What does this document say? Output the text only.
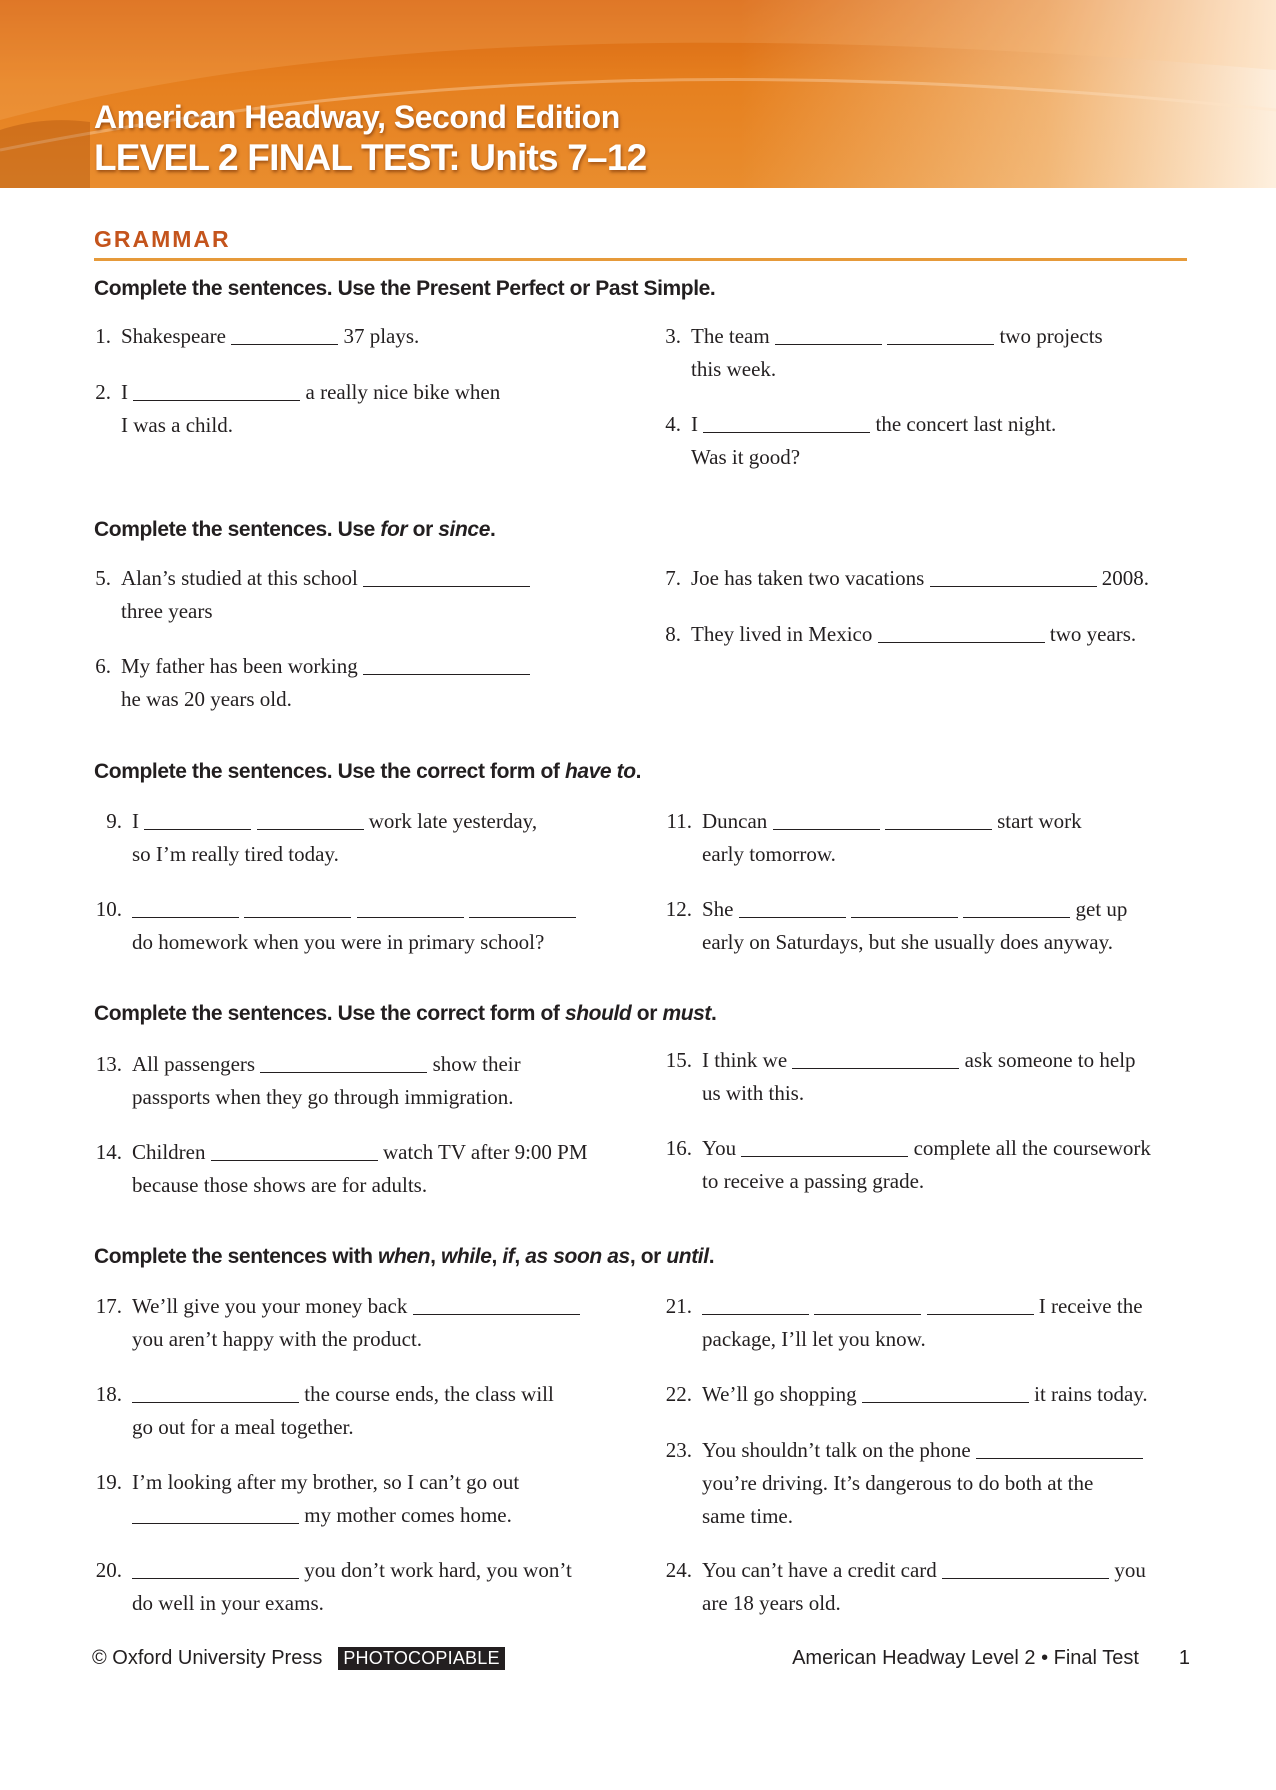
American Headway, Second Edition
LEVEL 2 FINAL TEST: Units 7–12
GRAMMAR
Complete the sentences. Use the Present Perfect or Past Simple.
1. Shakespeare	37 plays.
2. I	a really nice bike when
I was a child.
3. The team	two projects
this week.
4. I	the concert last night.
Was it good?
Complete the sentences. Use for or since.
5. Alan’s studied at this school
three years
6. My father has been working
he was 20 years old.
7. Joe has taken two vacations	2008.
8. They lived in Mexico	two years.
Complete the sentences. Use the correct form of have to.
9. I	work late yesterday,
so I’m really tired today.
10.

do homework when you were in primary school?
11. Duncan	start work
early tomorrow.
12. She	get up
early on Saturdays, but she usually does anyway.
Complete the sentences. Use the correct form of should or must.
13. All passengers	show their
passports when they go through immigration.
14. Children	watch TV after 9:00 PM
because those shows are for adults.
15. I think we	ask someone to help
us with this.
16. You	complete all the coursework
to receive a passing grade.
Complete the sentences with when, while, if, as soon as, or until.
17. We’ll give you your money back
you aren’t happy with the product.
18.	the course ends, the class will
go out for a meal together.
19. I’m looking after my brother, so I can’t go out
my mother comes home.
20.	you don’t work hard, you won’t
do well in your exams.
21.	I receive the
package, I’ll let you know.
22. We’ll go shopping	it rains today.
23. You shouldn’t talk on the phone
you’re driving. It’s dangerous to do both at the
same time.
24. You can’t have a credit card	you
are 18 years old.
© Oxford University Press PHOTOCOPIABLE	American Headway Level 2 • Final Test 1
